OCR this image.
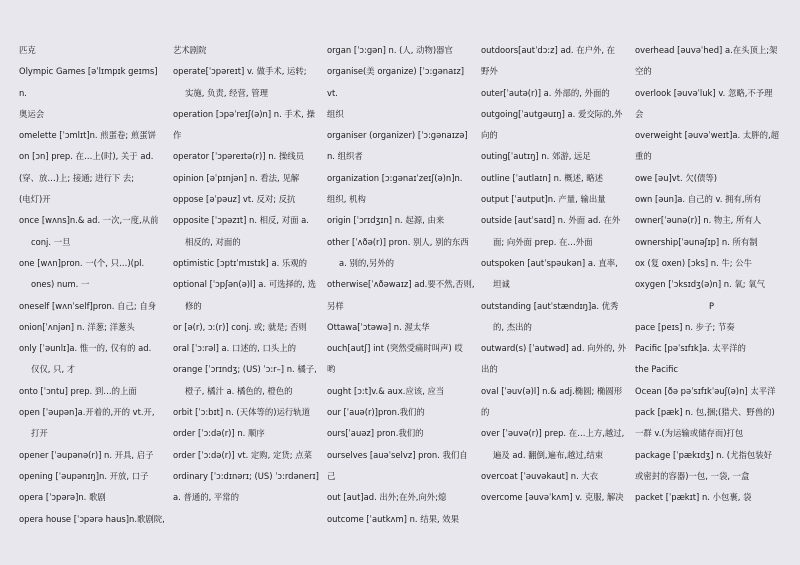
匹克

Olympic Games [əˈlɪmpɪk geɪms] n.

奥运会

omelette [ˈɔmlɪt]n. 煎蛋卷; 煎蛋饼

on [ɔn] prep. 在…上(时), 关于 ad.

(穿、放…)上; 接通; 进行下 去;

(电灯)开

once [wʌns]n.& ad. 一次,一度,从前

conj. 一旦

one [wʌn]pron. 一(个, 只…)(pl.

ones) num. 一

oneself [wʌnˈself]pron. 自己; 自身

onion[ˈʌnjən] n. 洋葱; 洋葱头

only [ˈəunlɪ]a. 惟一的, 仅有的 ad.

仅仅, 只, 才

onto [ˈɔntu] prep. 到…的上面

open [ˈəupən]a.开着的,开的 vt.开,

打开

opener [ˈəupənə(r)] n. 开具, 启子

opening [ˈəupənɪŋ]n. 开放, 口子

opera [ˈɔpərə]n. 歌剧

opera house [ˈɔpərə haus]n.歌剧院,

艺术剧院

operate[ˈɔpəreɪt] v. 做手术, 运转;

实施, 负责, 经营, 管理

operation [ɔpəˈreɪʃ(ə)n] n. 手术, 操

作

operator [ˈɔpəreɪtə(r)] n. 操线员

opinion [əˈpɪnjən] n. 看法, 见解

oppose [əˈpəuz] vt. 反对; 反抗

opposite [ˈɔpəzɪt] n. 相反, 对面 a.

相反的, 对面的

optimistic [ɔptɪˈmɪstɪk] a. 乐观的

optional [ˈɔpʃən(ə)l] a. 可选择的, 选

修的

or [ə(r), ɔ:(r)] conj. 或; 就是; 否则

oral [ˈɔ:rəl] a. 口述的, 口头上的

orange [ˈɔrɪndʒ; (US) ˈɔ:r–] n. 橘子,

橙子, 橘汁 a. 橘色的, 橙色的

orbit [ˈɔ:bɪt] n. (天体等的)运行轨道

order [ˈɔ:də(r)] n. 顺序

order [ˈɔ:də(r)] vt. 定购, 定货; 点菜

ordinary [ˈɔ:dɪnərɪ; (US) ˈɔ:rdənerɪ]

a. 普通的, 平常的

organ [ˈɔ:gən] n. (人, 动物)器官

organise(美 organize) [ˈɔ:gənaɪz] vt.

组织

organiser (organizer) [ˈɔ:gənaɪzə]

n. 组织者

organization [ɔ:gənaɪˈzeɪʃ(ə)n]n.

组织, 机构

origin [ˈɔrɪdʒɪn] n. 起源, 由来

other [ˈʌðə(r)] pron. 别人, 别的东西

a. 别的,另外的

otherwise[ˈʌðəwaɪz] ad.要不然,否则,

另样

Ottawa[ˈɔtəwə] n. 渥太华

ouch[autʃ] int (突然受痛时叫声) 哎

哟

ought [ɔ:t]v.& aux.应该, 应当

our [ˈauə(r)]pron.我们的

ours[ˈauəz] pron.我们的

ourselves [auəˈselvz] pron. 我们自

己

out [aut]ad. 出外;在外,向外;熄

outcome [ˈautkʌm] n. 结果, 效果

outdoors[autˈdɔ:z] ad. 在户外, 在

野外

outer[ˈautə(r)] a. 外部的, 外面的

outgoing[ˈautgəuɪŋ] a. 爱交际的,外

向的

outing[ˈautɪŋ] n. 郊游, 远足

outline [ˈautlaɪn] n. 概述, 略述

output [ˈautput]n. 产量, 输出量

outside [autˈsaɪd] n. 外面 ad. 在外

面; 向外面 prep. 在…外面

outspoken [autˈspəukən] a. 直率,

坦诚

outstanding [autˈstændɪŋ]a. 优秀

的, 杰出的

outward(s) [ˈautwəd] ad. 向外的, 外

出的

oval [ˈəuv(ə)l] n.& adj.椭圆; 椭圆形

的

over [ˈəuvə(r)] prep. 在…上方,越过,

遍及 ad. 翻倒,遍布,越过,结束

overcoat [ˈəuvəkaut] n. 大衣

overcome [əuvəˈkʌm] v. 克服, 解决

overhead [əuvəˈhed] a.在头顶上;架

空的

overlook [əuvəˈluk] v. 忽略,不予理

会

overweight [əuvəˈweɪt]a. 太胖的,超

重的

owe [əu]vt. 欠(债等)

own [əun]a. 自己的 v. 拥有,所有

owner[ˈəunə(r)] n. 物主, 所有人

ownership[ˈəunəʃɪp] n. 所有制

ox (复 oxen) [ɔks] n. 牛; 公牛

oxygen [ˈɔksɪdʒ(ə)n] n. 氧; 氧气

P

pace [peɪs] n. 步子; 节奏

Pacific [pəˈsɪfɪk]a. 太平洋的

the Pacific

Ocean [ðə pəˈsɪfɪkˈəuʃ(ə)n] 太平洋

pack [pæk] n. 包,捆;(猎犬、野兽的)

一群 v.(为运输或储存而)打包

package [ˈpækɪdʒ] n. (尤指包装好

或密封的容器)一包, 一袋, 一盒

packet [ˈpækɪt] n. 小包裹, 袋
